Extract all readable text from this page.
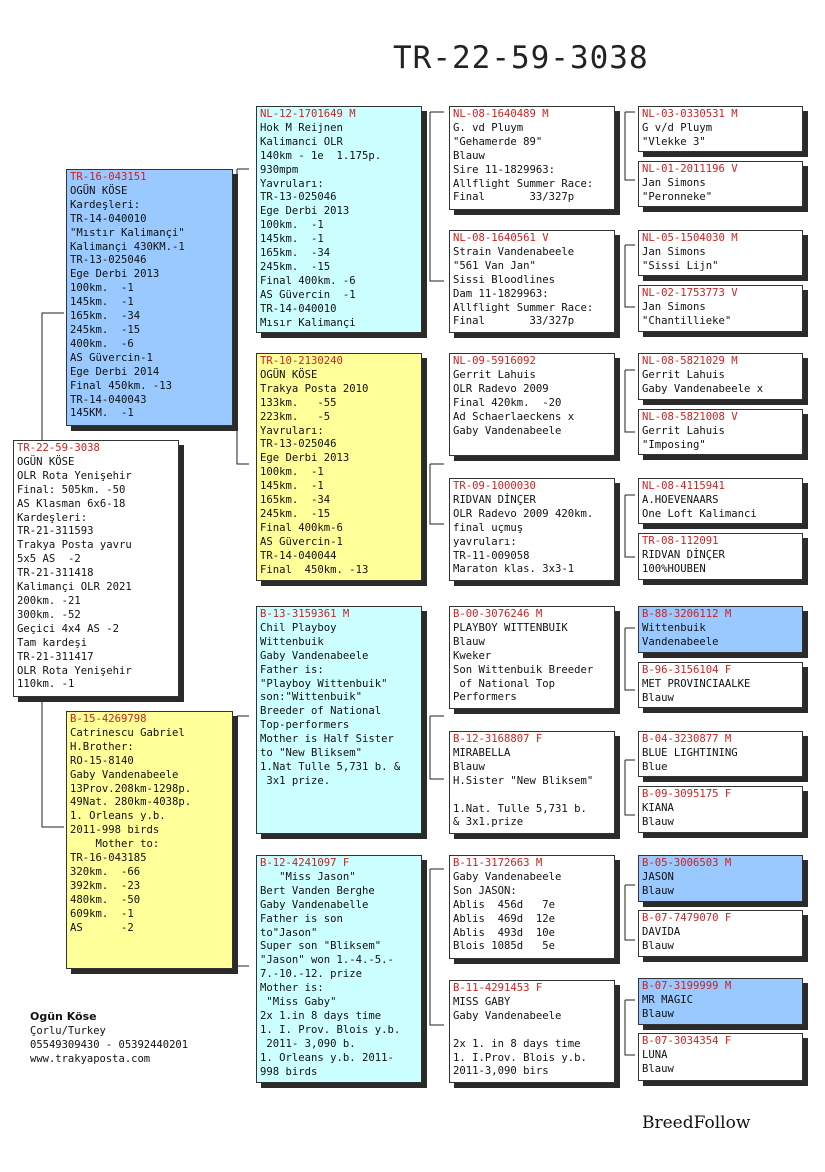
TR-22-59-3038
TR-22-59-3038
OGÜN KÖSE
OLR Rota Yenişehir
Final: 505km. -50
AS Klasman 6x6-18
Kardeşleri:
TR-21-311593
Trakya Posta yavru
5x5 AS  -2
TR-21-311418
Kalimançi OLR 2021
200km. -21
300km. -52
Geçici 4x4 AS -2
Tam kardeşi
TR-21-311417
OLR Rota Yenişehir
110km. -1
TR-16-043151
OGÜN KÖSE
Kardeşleri:
TR-14-040010
"Mıstır Kalimançi"
Kalimançi 430KM.-1
TR-13-025046
Ege Derbi 2013
100km.  -1
145km.  -1
165km.  -34
245km.  -15
400km.  -6
AS Güvercin-1
Ege Derbi 2014
Final 450km. -13
TR-14-040043
145KM.  -1
B-15-4269798
Catrinescu Gabriel
H.Brother:
RO-15-8140
Gaby Vandenabeele
13Prov.208km-1298p.
49Nat. 280km-4038p.
1. Orleans y.b.
2011-998 birds
Mother to:
TR-16-043185
320km.  -66
392km.  -23
480km.  -50
609km.  -1
AS      -2
NL-12-1701649 M
Hok M Reijnen
Kalimanci OLR
140km - 1e  1.175p.
930mpm
Yavruları:
TR-13-025046
Ege Derbi 2013
100km.  -1
145km.  -1
165km.  -34
245km.  -15
Final 400km. -6
AS Güvercin  -1
TR-14-040010
Mısır Kalimançi
TR-10-2130240
OGÜN KÖSE
Trakya Posta 2010
133km.   -55
223km.   -5
Yavruları:
TR-13-025046
Ege Derbi 2013
100km.  -1
145km.  -1
165km.  -34
245km.  -15
Final 400km-6
AS Güvercin-1
TR-14-040044
Final  450km. -13
B-13-3159361 M
Chil Playboy
Wittenbuik
Gaby Vandenabeele
Father is:
"Playboy Wittenbuik"
son:"Wittenbuik"
Breeder of National
Top-performers
Mother is Half Sister
to "New Bliksem"
1.Nat Tulle 5,731 b. &
3x1 prize.
B-12-4241097 F
"Miss Jason"
Bert Vanden Berghe
Gaby Vandenabelle
Father is son
to"Jason"
Super son "Bliksem"
"Jason" won 1.-4.-5.-
7.-10.-12. prize
Mother is:
"Miss Gaby"
2x 1.in 8 days time
1. I. Prov. Blois y.b.
2011- 3,090 b.
1. Orleans y.b. 2011-
998 birds
NL-08-1640489 M
G. vd Pluym
"Gehamerde 89"
Blauw
Sire 11-1829963:
Allflight Summer Race:
Final       33/327p
NL-08-1640561 V
Strain Vandenabeele
"561 Van Jan"
Sissi Bloodlines
Dam 11-1829963:
Allflight Summer Race:
Final       33/327p
NL-09-5916092
Gerrit Lahuis
OLR Radevo 2009
Final 420km.  -20
Ad Schaerlaeckens x
Gaby Vandenabeele
TR-09-1000030
RIDVAN DİNÇER
OLR Radevo 2009 420km.
final uçmuş
yavruları:
TR-11-009058
Maraton klas. 3x3-1
B-00-3076246 M
PLAYBOY WITTENBUIK
Blauw
Kweker
Son Wittenbuik Breeder
of National Top
Performers
B-12-3168807 F
MIRABELLA
Blauw
H.Sister "New Bliksem"
1.Nat. Tulle 5,731 b.
& 3x1.prize
B-11-3172663 M
Gaby Vandenabeele
Son JASON:
Ablis  456d   7e
Ablis  469d  12e
Ablis  493d  10e
Blois 1085d   5e
B-11-4291453 F
MISS GABY
Gaby Vandenabeele
2x 1. in 8 days time
1. I.Prov. Blois y.b.
2011-3,090 birs
NL-03-0330531 M
G v/d Pluym
"Vlekke 3"
NL-01-2011196 V
Jan Simons
"Peronneke"
NL-05-1504030 M
Jan Simons
"Sissi Lijn"
NL-02-1753773 V
Jan Simons
"Chantillieke"
NL-08-5821029 M
Gerrit Lahuis
Gaby Vandenabeele x
NL-08-5821008 V
Gerrit Lahuis
"Imposing"
NL-08-4115941
A.HOEVENAARS
One Loft Kalimanci
TR-08-112091
RIDVAN DİNÇER
100%HOUBEN
B-88-3206112 M
Wittenbuik
Vandenabeele
B-96-3156104 F
MET PROVINCIAALKE
Blauw
B-04-3230877 M
BLUE LIGHTINING
Blue
B-09-3095175 F
KIANA
Blauw
B-05-3006503 M
JASON
Blauw
B-07-7479070 F
DAVIDA
Blauw
B-07-3199999 M
MR MAGIC
Blauw
B-07-3034354 F
LUNA
Blauw
Ogün Köse
Çorlu/Turkey
05549309430 - 05392440201
www.trakyaposta.com
BreedFollow
